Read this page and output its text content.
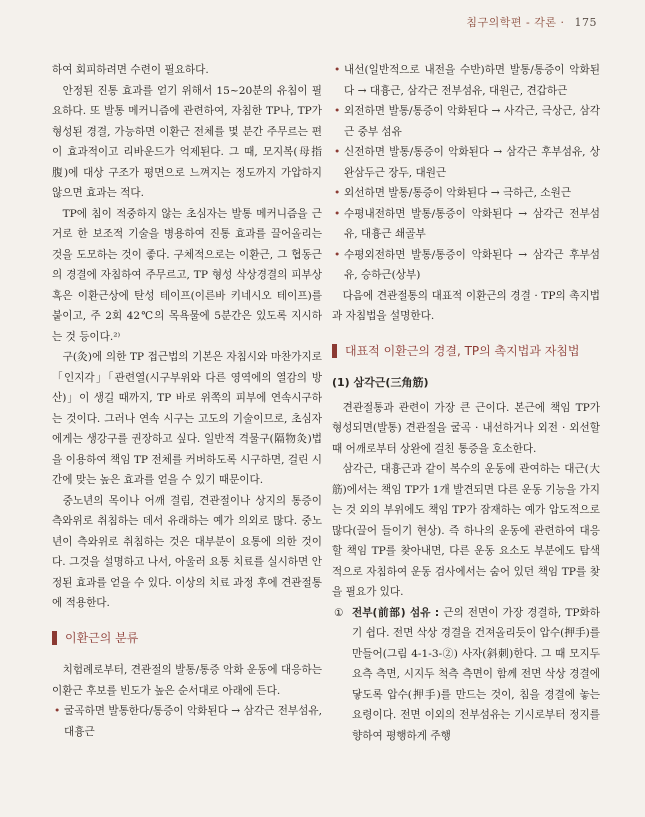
침구의학편 - 각론 · 175

하여 회피하려면 수련이 필요하다.

안정된 진통 효과를 얻기 위해서 15~20분의 유침이 필요하다. 또 발통 메커니즘에 관련하여, 자침한 TP나, TP가 형성된 경결, 가능하면 이환근 전체를 몇 분간 주무르는 편이 효과적이고 리바운드가 억제된다. 그 때, 모지복(母指腹)에 대상 구조가 평면으로 느껴지는 정도까지 가압하지 않으면 효과는 적다.

TP에 침이 적중하지 않는 초심자는 발통 메커니즘을 근거로 한 보조적 기술을 병용하여 진통 효과를 끌어올리는 것을 도모하는 것이 좋다. 구체적으로는 이환근, 그 협동근의 경결에 자침하여 주무르고, TP 형성 삭상경결의 피부상 혹은 이환근상에 탄성 테이프(이른바 키네시오 테이프)를 붙이고, 주 2회 42℃의 목욕물에 5분간은 있도록 지시하는 것 등이다.²⁾

구(灸)에 의한 TP 접근법의 기본은 자침시와 마찬가지로 「인지각」「관련열(시구부위와 다른 영역에의 열감의 방산)」이 생길 때까지, TP 바로 위쪽의 피부에 연속시구하는 것이다. 그러나 연속 시구는 고도의 기술이므로, 초심자에게는 생강구를 권장하고 싶다. 일반적 격물구(隔物灸)법을 이용하여 책임 TP 전체를 커버하도록 시구하면, 걸린 시간에 맞는 높은 효과를 얻을 수 있기 때문이다.

중노년의 목이나 어깨 결림, 견관절이나 상지의 통증이 측와위로 취침하는 데서 유래하는 예가 의외로 많다. 중노년이 측와위로 취침하는 것은 대부분이 요통에 의한 것이다. 그것을 설명하고 나서, 아울러 요통 치료를 실시하면 안정된 효과를 얻을 수 있다. 이상의 치료 과정 후에 견관절통에 적용한다.

이환근의 분류

치험례로부터, 견관절의 발통/통증 악화 운동에 대응하는 이환근 후보를 빈도가 높은 순서대로 아래에 든다.

• 굴곡하면 발통한다/통증이 악화된다 → 삼각근 전부섬유, 대흉근
• 내선(일반적으로 내전을 수반)하면 발통/통증이 악화된다 → 대흉근, 삼각근 전부섬유, 대원근, 견갑하근
• 외전하면 발통/통증이 악화된다 → 사각근, 극상근, 삼각근 중부 섬유
• 신전하면 발통/통증이 악화된다 → 삼각근 후부섬유, 상완삼두근 장두, 대원근
• 외선하면 발통/통증이 악화된다 → 극하근, 소원근
• 수평내전하면 발통/통증이 악화된다 → 삼각근 전부섬유, 대흉근 쇄골부
• 수평외전하면 발통/통증이 악화된다 → 삼각근 후부섬유, 승하근(상부)

다음에 견관절통의 대표적 이환근의 경결 · TP의 촉지법과 자침법을 설명한다.

대표적 이환근의 경결, TP의 촉지법과 자침법
(1) 삼각근(三角筋)

견관절통과 관련이 가장 큰 근이다. 본근에 책임 TP가 형성되면(발통) 견관절을 굴곡 · 내선하거나 외전 · 외선할 때 어깨로부터 상완에 걸친 통증을 호소한다.

삼각근, 대흉근과 같이 복수의 운동에 관여하는 대근(大筋)에서는 책임 TP가 1개 발견되면 다른 운동 기능을 가지는 것 외의 부위에도 책임 TP가 잠재하는 예가 압도적으로 많다(끌어 들이기 현상). 즉 하나의 운동에 관련하여 대응할 책임 TP를 찾아내면, 다른 운동 요소도 부분에도 탐색적으로 자침하여 운동 검사에서는 숨어 있던 책임 TP를 찾을 필요가 있다.

① 전부(前部) 섬유 : 근의 전면이 가장 경결하, TP화하기 쉽다. 전면 삭상 경결을 건져올리듯이 압수(押手)를 만들어(그림 4-1-3-②) 사자(斜刺)한다. 그 때 모지두 요측 측면, 시지두 척측 측면이 함께 전면 삭상 경결에 닿도록 압수(押手)를 만드는 것이, 침을 경결에 놓는 요령이다. 전면 이외의 전부섬유는 기시로부터 정지를 향하여 평행하게 주행
